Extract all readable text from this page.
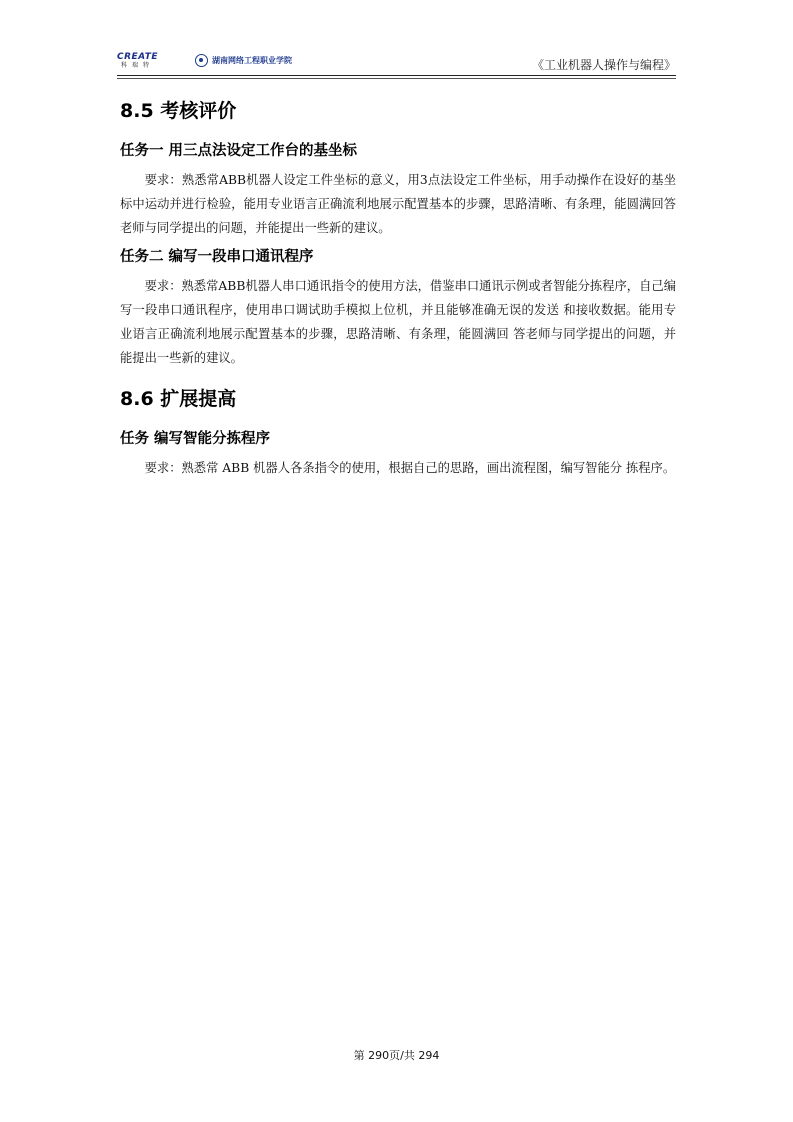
CREATE
科瑞特
湖南网络工程职业学院	《工业机器人操作与编程》
8.5 考核评价
任务一 用三点法设定工作台的基坐标

要求：熟悉常ABB机器人设定工件坐标的意义，用3点法设定工件坐标，用手动操作在设好的基坐标中运动并进行检验，能用专业语言正确流利地展示配置基本的步骤，思路清晰、有条理，能圆满回答老师与同学提出的问题，并能提出一些新的建议。

任务二 编写一段串口通讯程序

要求：熟悉常ABB机器人串口通讯指令的使用方法，借鉴串口通讯示例或者智能分拣程序，自己编写一段串口通讯程序，使用串口调试助手模拟上位机，并且能够准确无误的发送 和接收数据。能用专业语言正确流利地展示配置基本的步骤，思路清晰、有条理，能圆满回 答老师与同学提出的问题，并能提出一些新的建议。

8.6 扩展提高
任务 编写智能分拣程序

要求：熟悉常 ABB 机器人各条指令的使用，根据自己的思路，画出流程图，编写智能分 拣程序。

第 290页/共 294
